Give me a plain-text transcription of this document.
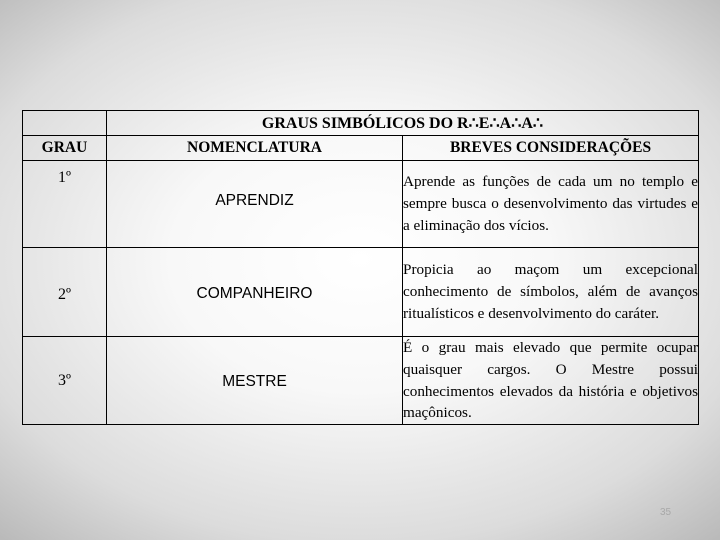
	GRAUS SIMBÓLICOS DO R∴E∴A∴A∴	
GRAU	NOMENCLATURA	BREVES CONSIDERAÇÕES

1º	APRENDIZ	Aprende as funções de cada um no templo e sempre busca o desenvolvimento das virtudes e a eliminação dos vícios.

2º	COMPANHEIRO	Propicia ao maçom um excepcional conhecimento de símbolos, além de avanços ritualísticos e desenvolvimento do caráter.

3º	MESTRE	É o grau mais elevado que permite ocupar quaisquer cargos. O Mestre possui conhecimentos elevados da história e objetivos maçônicos.
35
